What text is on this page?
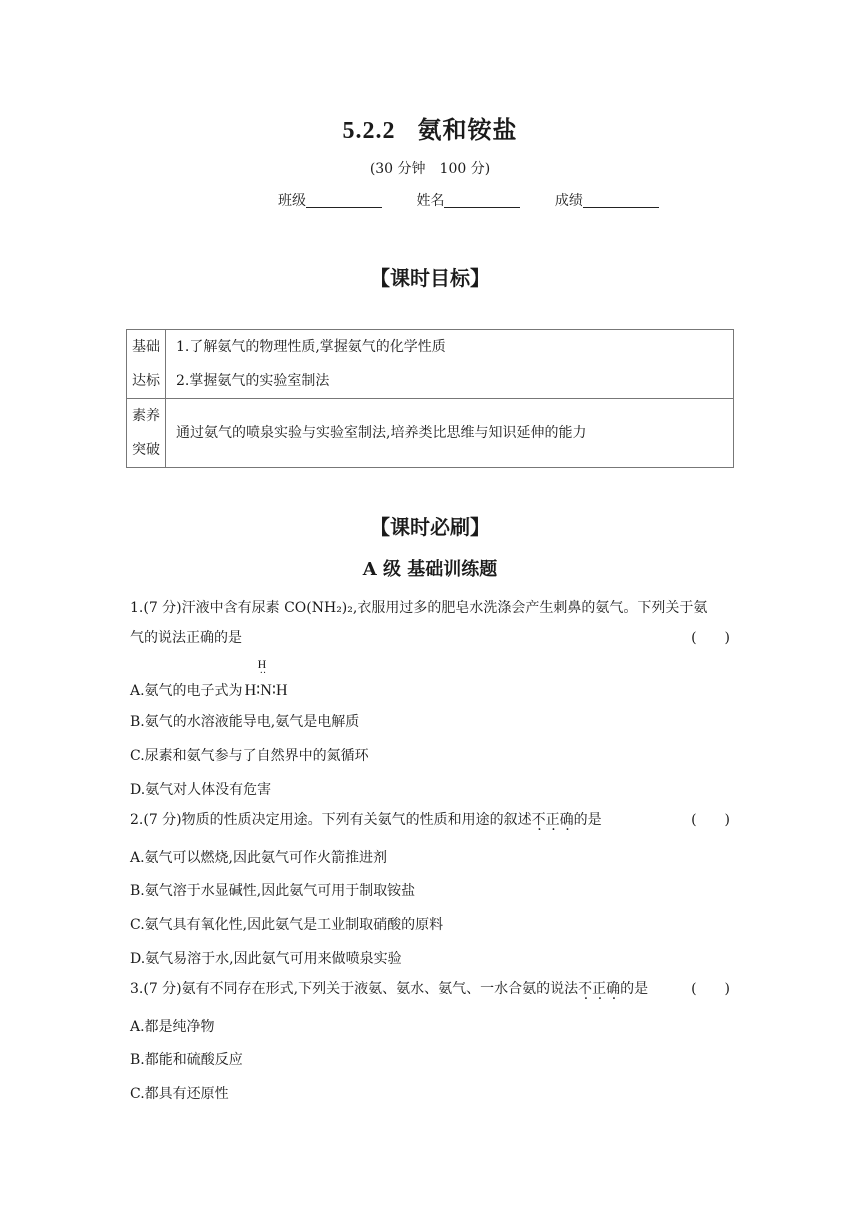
5.2.2 氨和铵盐
(30 分钟　100 分)
班级	姓名	成绩
【课时目标】
基础
达标	1.了解氨气的物理性质,掌握氨气的化学性质
	2.掌握氨气的实验室制法

素养
突破	通过氨气的喷泉实验与实验室制法,培养类比思维与知识延伸的能力
【课时必刷】
A 级 基础训练题
1.(7 分)汗液中含有尿素 CO(NH₂)₂,衣服用过多的肥皂水洗涤会产生刺鼻的氨气。下列关于氨
气的说法正确的是	(　　)
A.氨气的电子式为
H
··
H∶N∶H
B.氨气的水溶液能导电,氨气是电解质
C.尿素和氨气参与了自然界中的氮循环
D.氨气对人体没有危害
2.(7 分)物质的性质决定用途。下列有关氨气的性质和用途的叙述不正确的是	(　　)
A.氨气可以燃烧,因此氨气可作火箭推进剂
B.氨气溶于水显碱性,因此氨气可用于制取铵盐
C.氨气具有氧化性,因此氨气是工业制取硝酸的原料
D.氨气易溶于水,因此氨气可用来做喷泉实验
3.(7 分)氨有不同存在形式,下列关于液氨、氨水、氨气、一水合氨的说法不正确的是	(　　)
A.都是纯净物
B.都能和硫酸反应
C.都具有还原性
